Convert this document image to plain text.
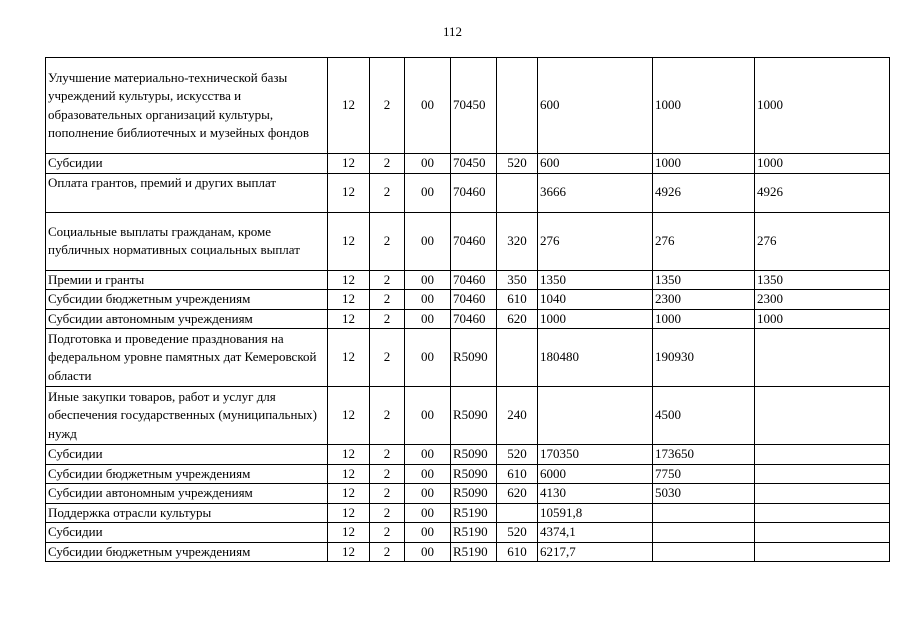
112
Улучшение материально-технической базы учреждений культуры, искусства и образовательных организаций культуры, пополнение библиотечных и музейных фондов	12	2	00	70450		600	1000	1000
Субсидии	12	2	00	70450	520	600	1000	1000
Оплата грантов, премий и других выплат	12	2	00	70460		3666	4926	4926
Социальные выплаты гражданам, кроме публичных нормативных социальных выплат	12	2	00	70460	320	276	276	276
Премии и гранты	12	2	00	70460	350	1350	1350	1350
Субсидии бюджетным учреждениям	12	2	00	70460	610	1040	2300	2300
Субсидии автономным учреждениям	12	2	00	70460	620	1000	1000	1000
Подготовка и проведение празднования на федеральном уровне памятных дат Кемеровской области	12	2	00	R5090		180480	190930	
Иные закупки товаров, работ и услуг для обеспечения государственных (муниципальных) нужд	12	2	00	R5090	240		4500	
Субсидии	12	2	00	R5090	520	170350	173650	
Субсидии бюджетным учреждениям	12	2	00	R5090	610	6000	7750	
Субсидии автономным учреждениям	12	2	00	R5090	620	4130	5030	
Поддержка отрасли культуры	12	2	00	R5190		10591,8		
Субсидии	12	2	00	R5190	520	4374,1		
Субсидии бюджетным учреждениям	12	2	00	R5190	610	6217,7		
